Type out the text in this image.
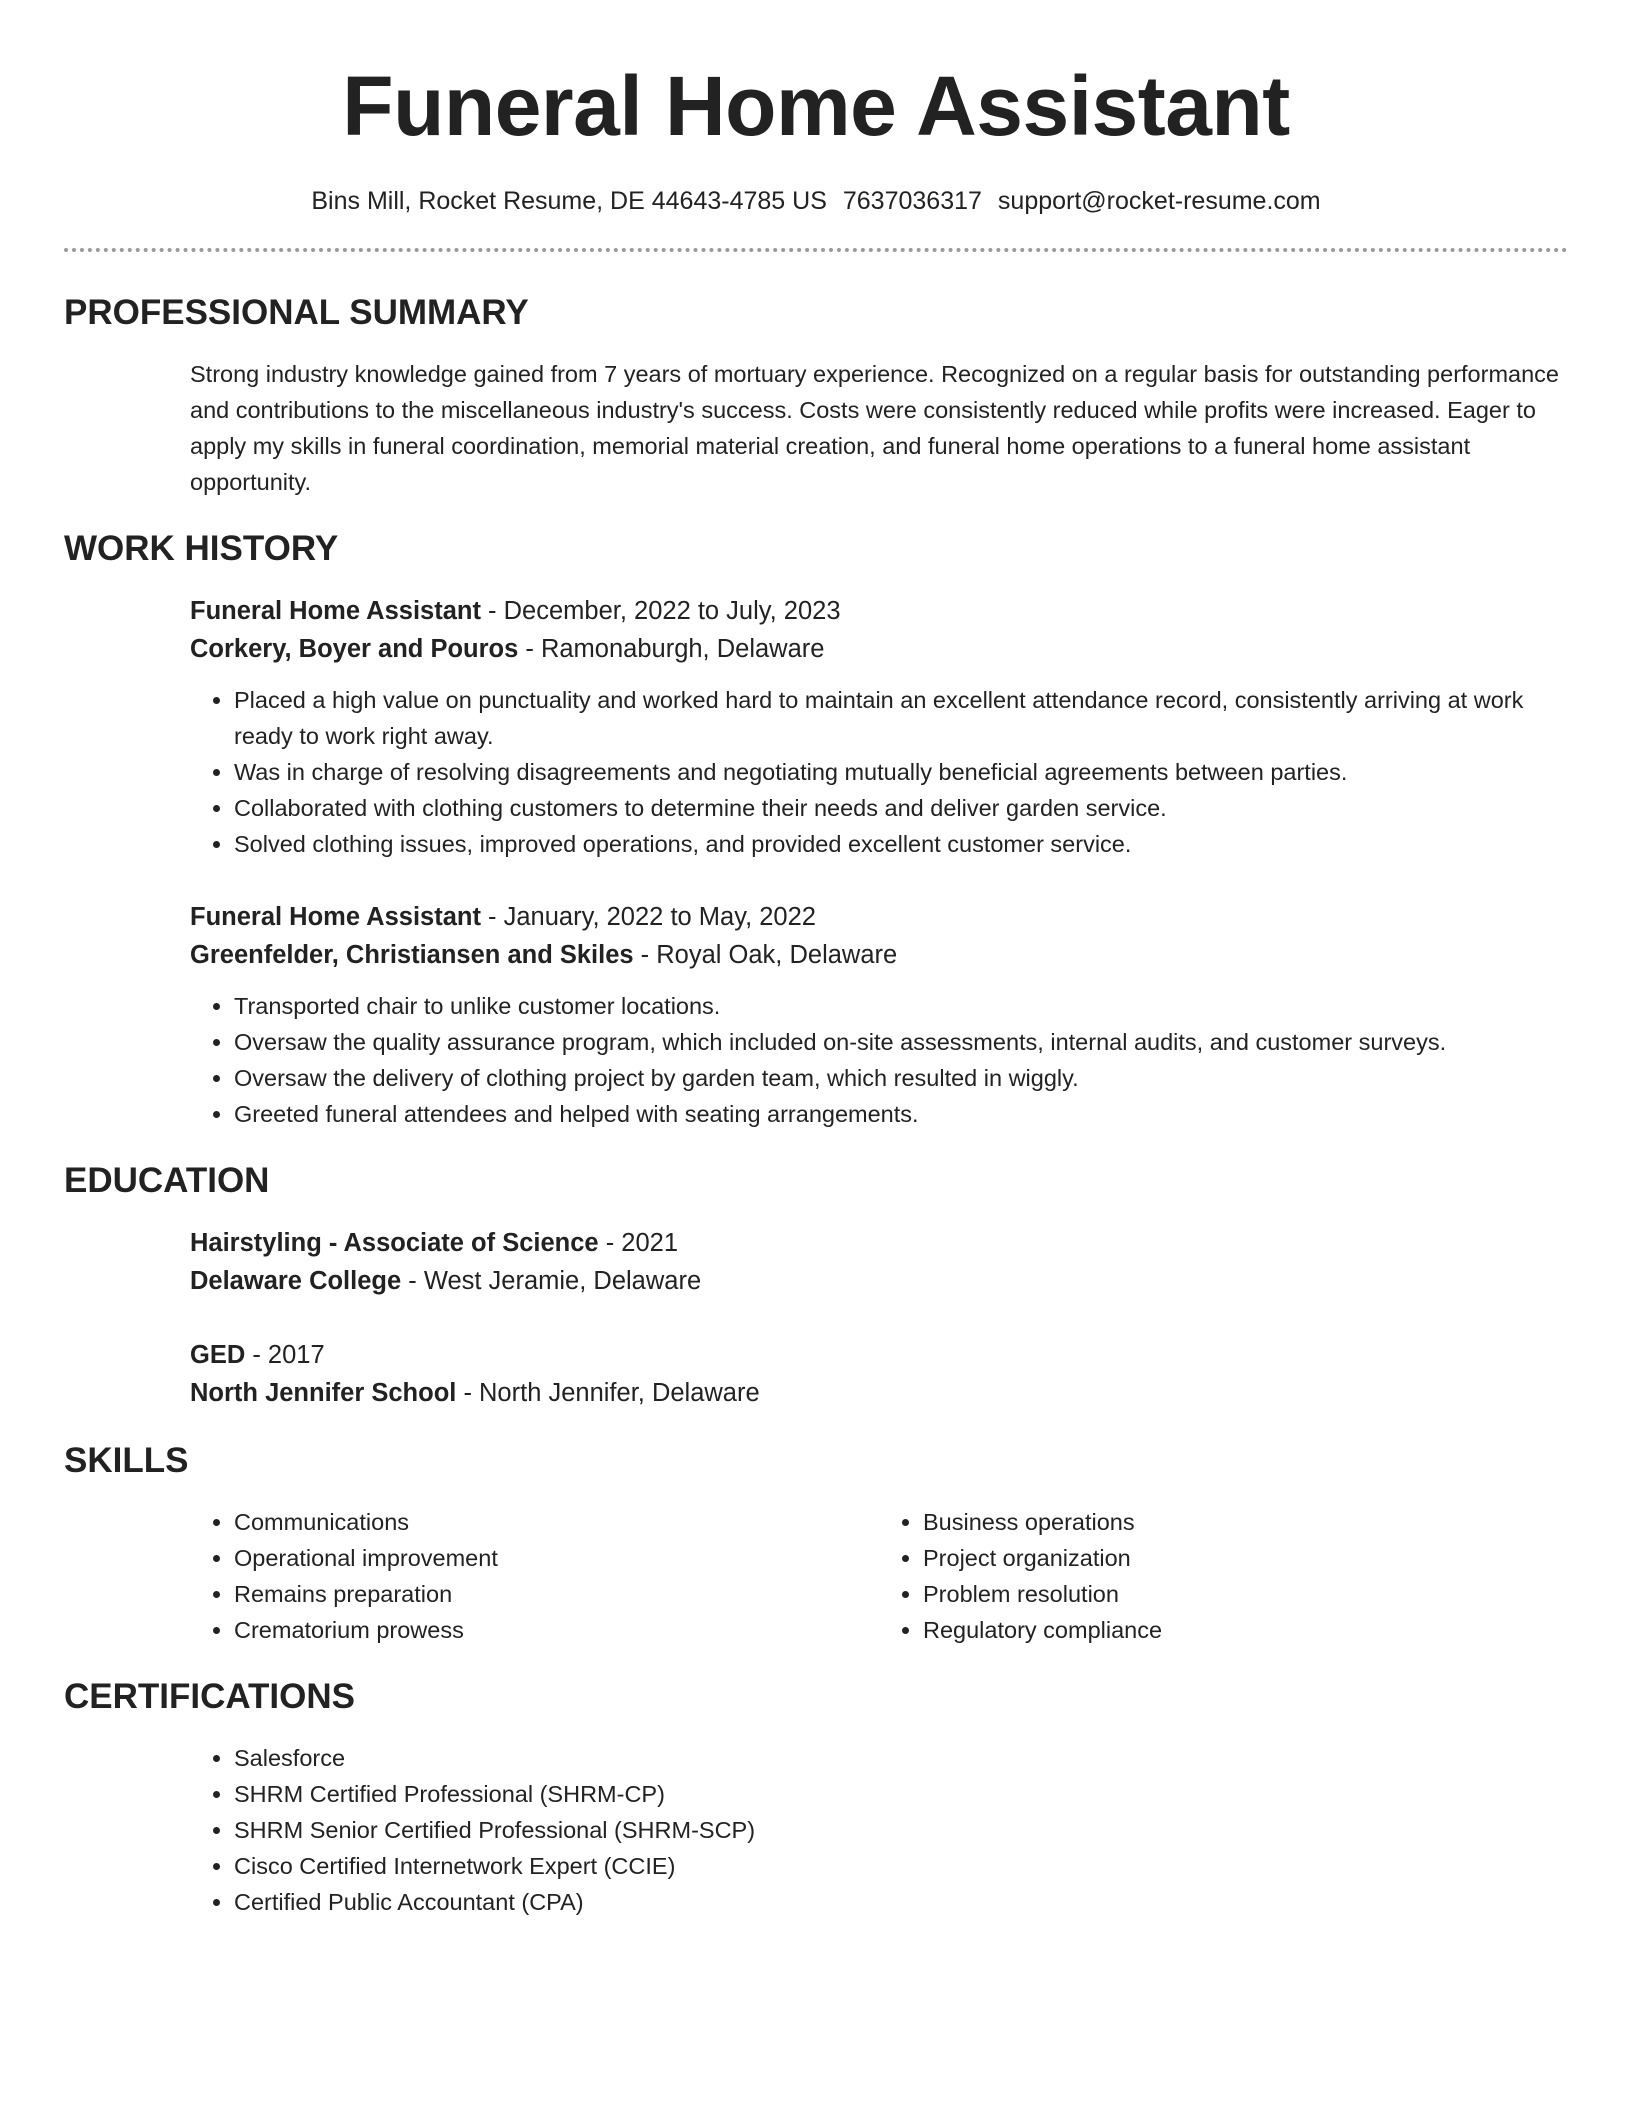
Funeral Home Assistant
Bins Mill, Rocket Resume, DE 44643-4785 US 7637036317 support@rocket-resume.com
PROFESSIONAL SUMMARY

Strong industry knowledge gained from 7 years of mortuary experience. Recognized on a regular basis for outstanding performance and contributions to the miscellaneous industry's success. Costs were consistently reduced while profits were increased. Eager to apply my skills in funeral coordination, memorial material creation, and funeral home operations to a funeral home assistant opportunity.

WORK HISTORY
Funeral Home Assistant - December, 2022 to July, 2023
Corkery, Boyer and Pouros - Ramonaburgh, Delaware
• Placed a high value on punctuality and worked hard to maintain an excellent attendance record, consistently arriving at work ready to work right away.
• Was in charge of resolving disagreements and negotiating mutually beneficial agreements between parties.
• Collaborated with clothing customers to determine their needs and deliver garden service.
• Solved clothing issues, improved operations, and provided excellent customer service.
Funeral Home Assistant - January, 2022 to May, 2022
Greenfelder, Christiansen and Skiles - Royal Oak, Delaware
• Transported chair to unlike customer locations.
• Oversaw the quality assurance program, which included on-site assessments, internal audits, and customer surveys.
• Oversaw the delivery of clothing project by garden team, which resulted in wiggly.
• Greeted funeral attendees and helped with seating arrangements.
EDUCATION
Hairstyling - Associate of Science - 2021
Delaware College - West Jeramie, Delaware
GED - 2017
North Jennifer School - North Jennifer, Delaware
SKILLS
• Communications
• Operational improvement
• Remains preparation
• Crematorium prowess
• Business operations
• Project organization
• Problem resolution
• Regulatory compliance
CERTIFICATIONS
• Salesforce
• SHRM Certified Professional (SHRM-CP)
• SHRM Senior Certified Professional (SHRM-SCP)
• Cisco Certified Internetwork Expert (CCIE)
• Certified Public Accountant (CPA)
